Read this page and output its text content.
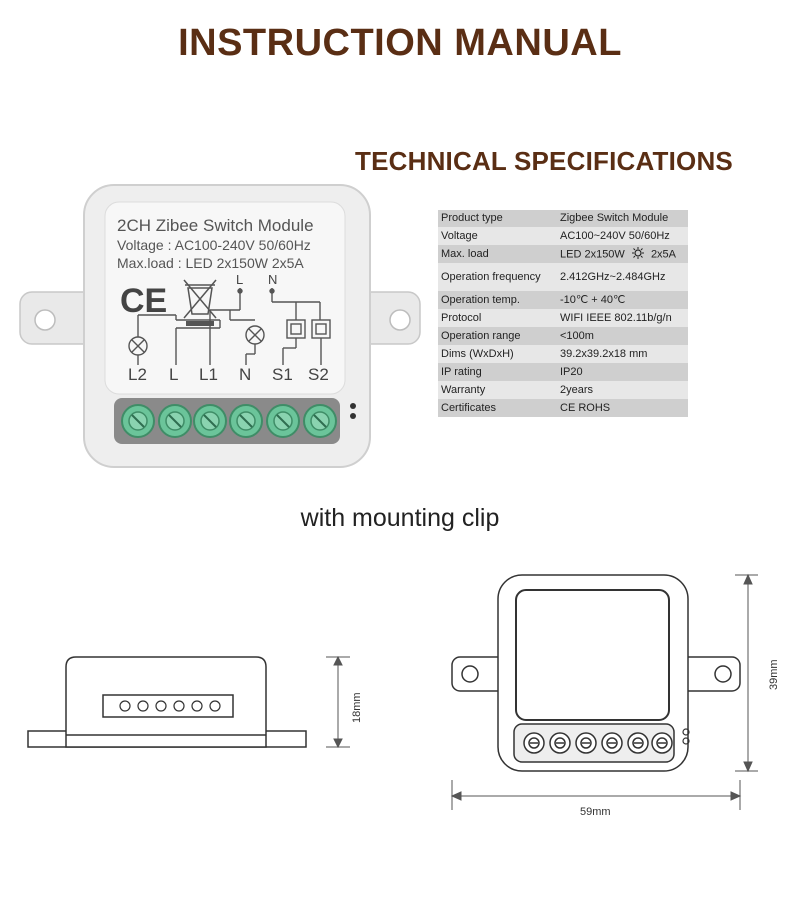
INSTRUCTION MANUAL
TECHNICAL SPECIFICATIONS
2CH Zibee Switch Module
Voltage : AC100-240V 50/60Hz
Max.load : LED 2x150W 2x5A
CE
L N
L2 L L1 N S1 S2
Product type	Zigbee Switch Module
Voltage	AC100~240V 50/60Hz
Max. load	LED 2x150W 2x5A
Operation frequency	2.412GHz~2.484GHz
Operation temp.	-10℃ + 40℃
Protocol	WIFI IEEE 802.11b/g/n
Operation range	<100m
Dims (WxDxH)	39.2x39.2x18 mm
IP rating	IP20
Warranty	2years
Certificates	CE ROHS
with mounting clip
18mm
39mm
59mm
